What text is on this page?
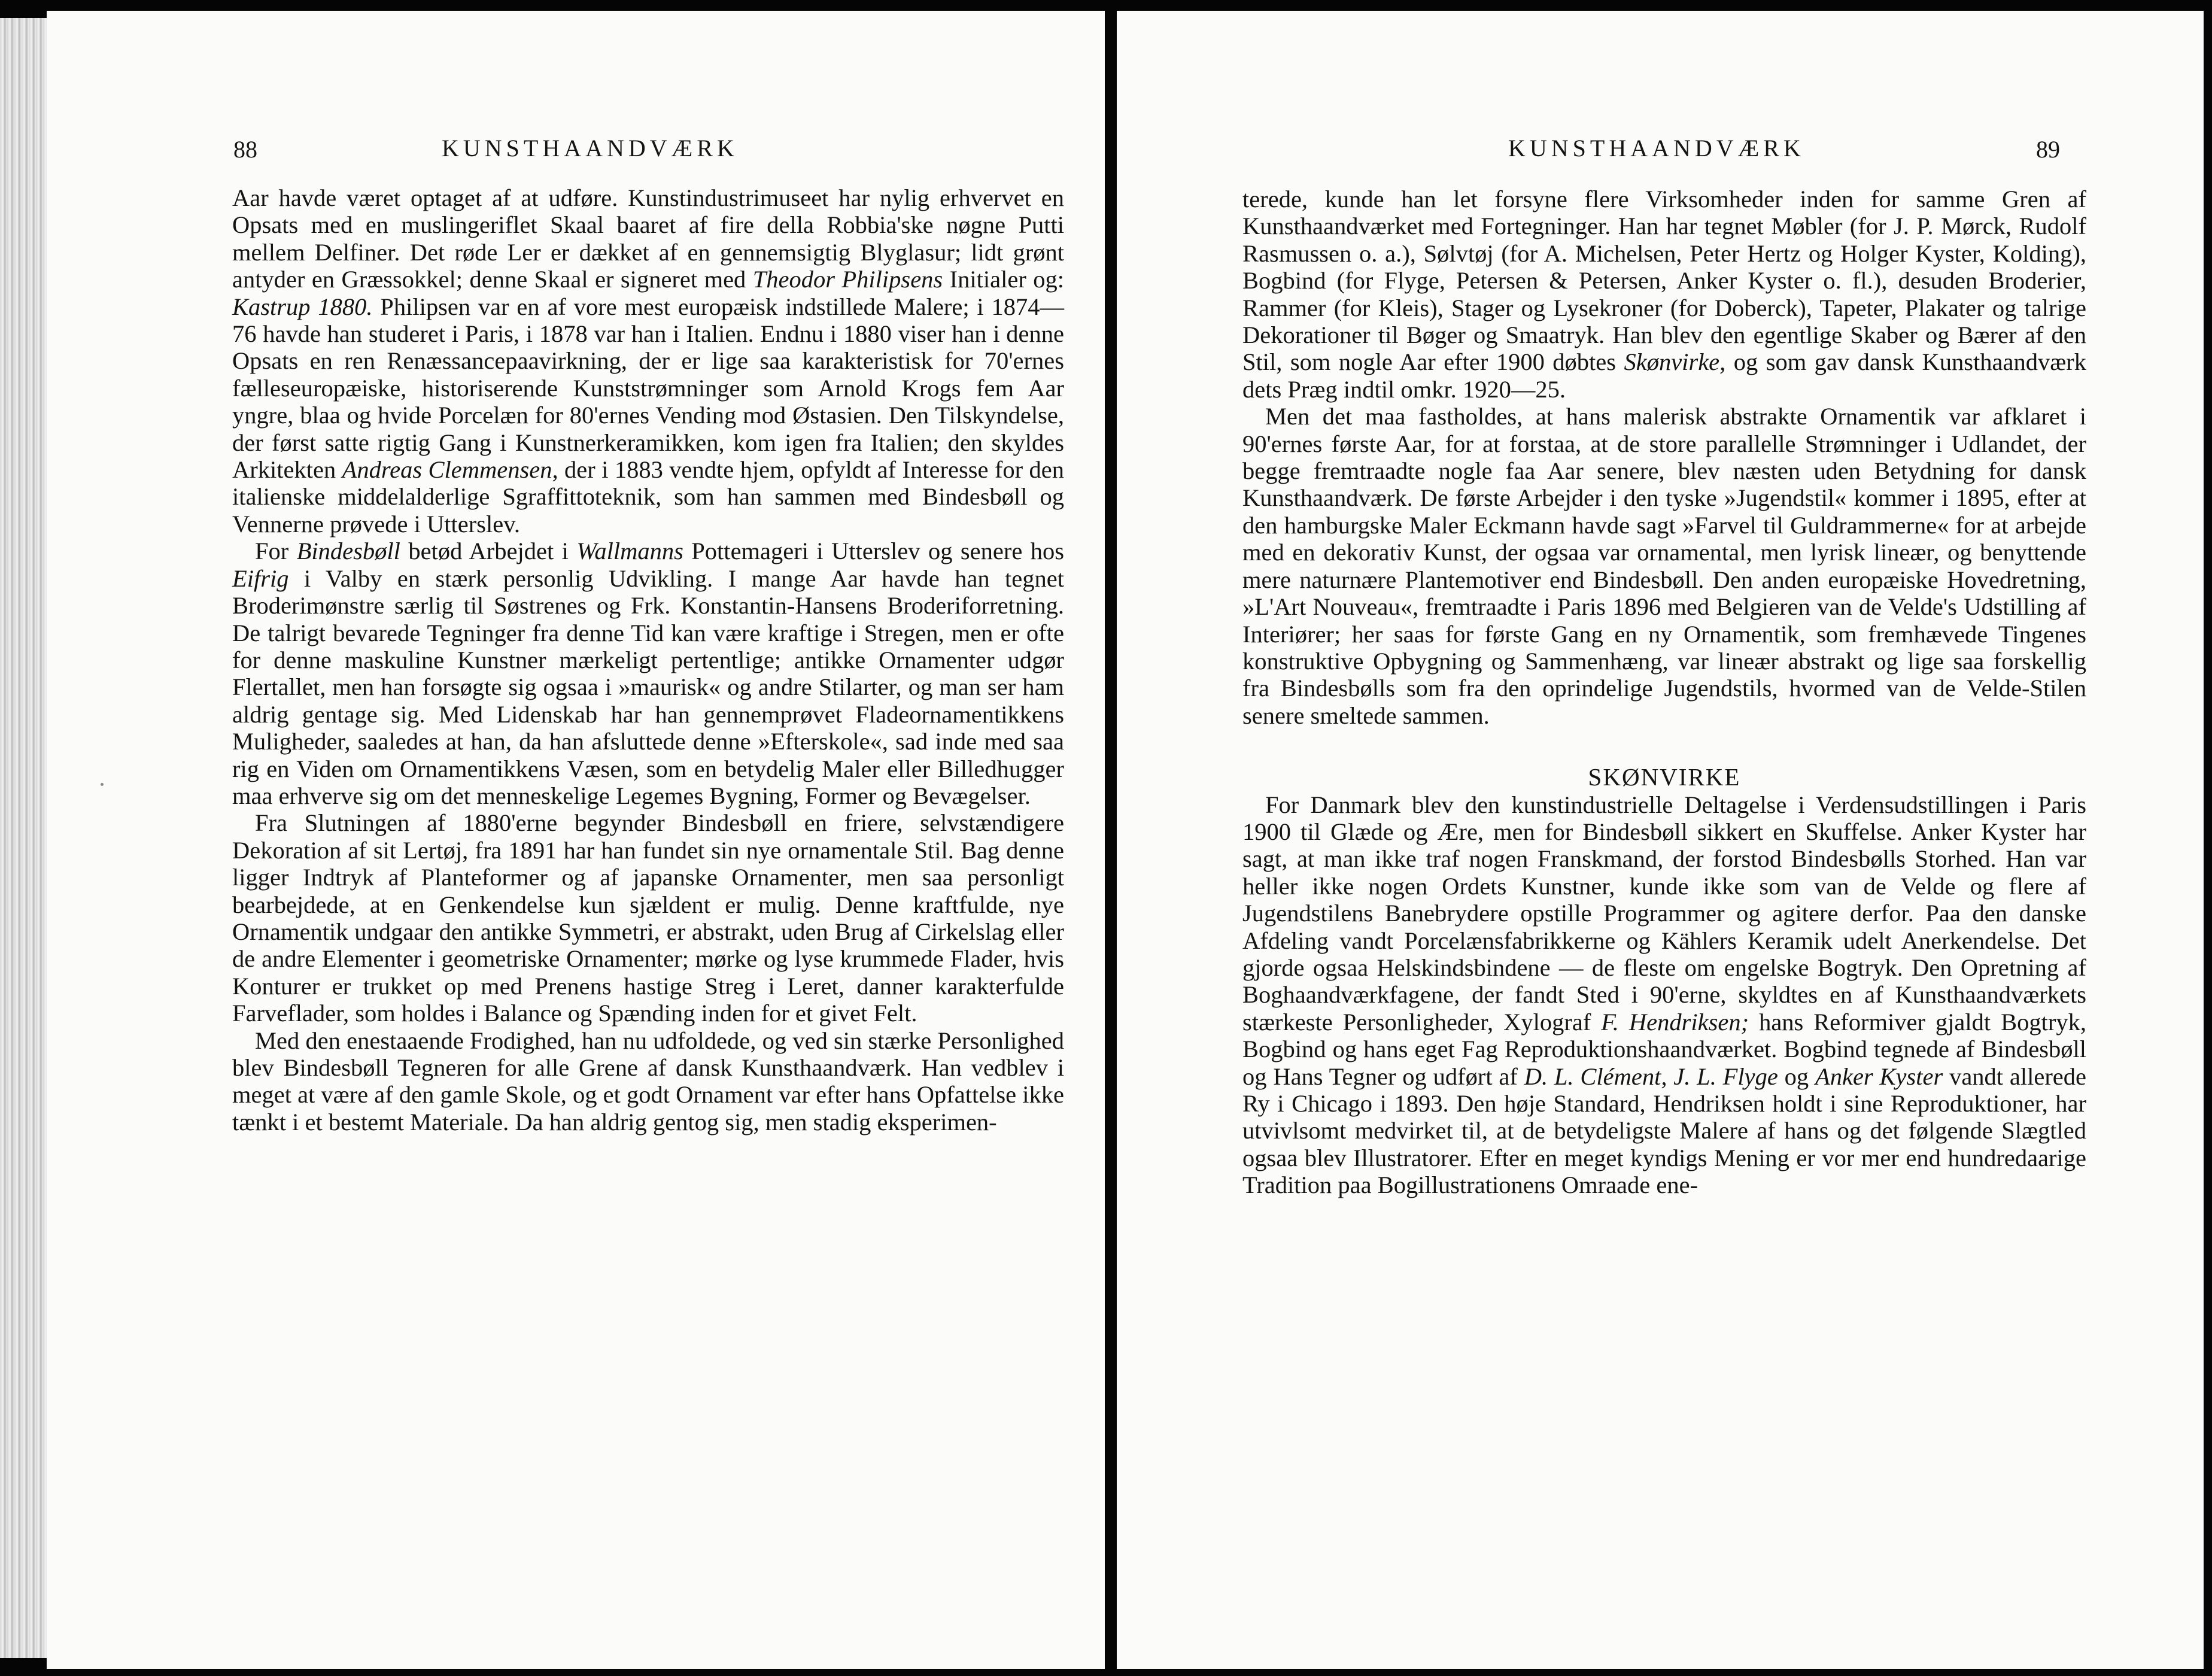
88	KUNSTHAANDVÆRK

Aar havde været optaget af at udføre. Kunstindustrimuseet har nylig erhvervet en Opsats med en muslingeriflet Skaal baaret af fire della Robbia'ske nøgne Putti mellem Delfiner. Det røde Ler er dækket af en gennemsigtig Blyglasur; lidt grønt antyder en Græssokkel; denne Skaal er signeret med Theodor Philipsens Initialer og: Kastrup 1880. Philipsen var en af vore mest europæisk indstillede Malere; i 1874—76 havde han studeret i Paris, i 1878 var han i Italien. Endnu i 1880 viser han i denne Opsats en ren Renæssancepaavirkning, der er lige saa karakteristisk for 70'ernes fælleseuropæiske, historiserende Kunststrømninger som Arnold Krogs fem Aar yngre, blaa og hvide Porcelæn for 80'ernes Vending mod Østasien. Den Tilskyndelse, der først satte rigtig Gang i Kunstnerkeramikken, kom igen fra Italien; den skyldes Arkitekten Andreas Clemmensen, der i 1883 vendte hjem, opfyldt af Interesse for den italienske middelalderlige Sgraffittoteknik, som han sammen med Bindesbøll og Vennerne prøvede i Utterslev.

For Bindesbøll betød Arbejdet i Wallmanns Pottemageri i Utterslev og senere hos Eifrig i Valby en stærk personlig Udvikling. I mange Aar havde han tegnet Broderimønstre særlig til Søstrenes og Frk. Konstantin-Hansens Broderiforretning. De talrigt bevarede Tegninger fra denne Tid kan være kraftige i Stregen, men er ofte for denne maskuline Kunstner mærkeligt pertentlige; antikke Ornamenter udgør Flertallet, men han forsøgte sig ogsaa i »maurisk« og andre Stilarter, og man ser ham aldrig gentage sig. Med Lidenskab har han gennemprøvet Fladeornamentikkens Muligheder, saaledes at han, da han afsluttede denne »Efterskole«, sad inde med saa rig en Viden om Ornamentikkens Væsen, som en betydelig Maler eller Billedhugger maa erhverve sig om det menneskelige Legemes Bygning, Former og Bevægelser.

Fra Slutningen af 1880'erne begynder Bindesbøll en friere, selvstændigere Dekoration af sit Lertøj, fra 1891 har han fundet sin nye ornamentale Stil. Bag denne ligger Indtryk af Planteformer og af japanske Ornamenter, men saa personligt bearbejdede, at en Genkendelse kun sjældent er mulig. Denne kraftfulde, nye Ornamentik undgaar den antikke Symmetri, er abstrakt, uden Brug af Cirkelslag eller de andre Elementer i geometriske Ornamenter; mørke og lyse krummede Flader, hvis Konturer er trukket op med Prenens hastige Streg i Leret, danner karakterfulde Farveflader, som holdes i Balance og Spænding inden for et givet Felt.

Med den enestaaende Frodighed, han nu udfoldede, og ved sin stærke Personlighed blev Bindesbøll Tegneren for alle Grene af dansk Kunsthaandværk. Han vedblev i meget at være af den gamle Skole, og et godt Ornament var efter hans Opfattelse ikke tænkt i et bestemt Materiale. Da han aldrig gentog sig, men stadig eksperimen-

KUNSTHAANDVÆRK	89

terede, kunde han let forsyne flere Virksomheder inden for samme Gren af Kunsthaandværket med Fortegninger. Han har tegnet Møbler (for J. P. Mørck, Rudolf Rasmussen o. a.), Sølvtøj (for A. Michelsen, Peter Hertz og Holger Kyster, Kolding), Bogbind (for Flyge, Petersen & Petersen, Anker Kyster o. fl.), desuden Broderier, Rammer (for Kleis), Stager og Lysekroner (for Doberck), Tapeter, Plakater og talrige Dekorationer til Bøger og Smaatryk. Han blev den egentlige Skaber og Bærer af den Stil, som nogle Aar efter 1900 døbtes Skønvirke, og som gav dansk Kunsthaandværk dets Præg indtil omkr. 1920—25.

Men det maa fastholdes, at hans malerisk abstrakte Ornamentik var afklaret i 90'ernes første Aar, for at forstaa, at de store parallelle Strømninger i Udlandet, der begge fremtraadte nogle faa Aar senere, blev næsten uden Betydning for dansk Kunsthaandværk. De første Arbejder i den tyske »Jugendstil« kommer i 1895, efter at den hamburgske Maler Eckmann havde sagt »Farvel til Guldrammerne« for at arbejde med en dekorativ Kunst, der ogsaa var ornamental, men lyrisk lineær, og benyttende mere naturnære Plantemotiver end Bindesbøll. Den anden europæiske Hovedretning, »L'Art Nouveau«, fremtraadte i Paris 1896 med Belgieren van de Velde's Udstilling af Interiører; her saas for første Gang en ny Ornamentik, som fremhævede Tingenes konstruktive Opbygning og Sammenhæng, var lineær abstrakt og lige saa forskellig fra Bindesbølls som fra den oprindelige Jugendstils, hvormed van de Velde-Stilen senere smeltede sammen.

SKØNVIRKE

For Danmark blev den kunstindustrielle Deltagelse i Verdensudstillingen i Paris 1900 til Glæde og Ære, men for Bindesbøll sikkert en Skuffelse. Anker Kyster har sagt, at man ikke traf nogen Franskmand, der forstod Bindesbølls Storhed. Han var heller ikke nogen Ordets Kunstner, kunde ikke som van de Velde og flere af Jugendstilens Banebrydere opstille Programmer og agitere derfor. Paa den danske Afdeling vandt Porcelænsfabrikkerne og Kählers Keramik udelt Anerkendelse. Det gjorde ogsaa Helskindsbindene — de fleste om engelske Bogtryk. Den Opretning af Boghaandværkfagene, der fandt Sted i 90'erne, skyldtes en af Kunsthaandværkets stærkeste Personligheder, Xylograf F. Hendriksen; hans Reformiver gjaldt Bogtryk, Bogbind og hans eget Fag Reproduktionshaandværket. Bogbind tegnede af Bindesbøll og Hans Tegner og udført af D. L. Clément, J. L. Flyge og Anker Kyster vandt allerede Ry i Chicago i 1893. Den høje Standard, Hendriksen holdt i sine Reproduktioner, har utvivlsomt medvirket til, at de betydeligste Malere af hans og det følgende Slægtled ogsaa blev Illustratorer. Efter en meget kyndigs Mening er vor mer end hundredaarige Tradition paa Bogillustrationens Omraade ene-
